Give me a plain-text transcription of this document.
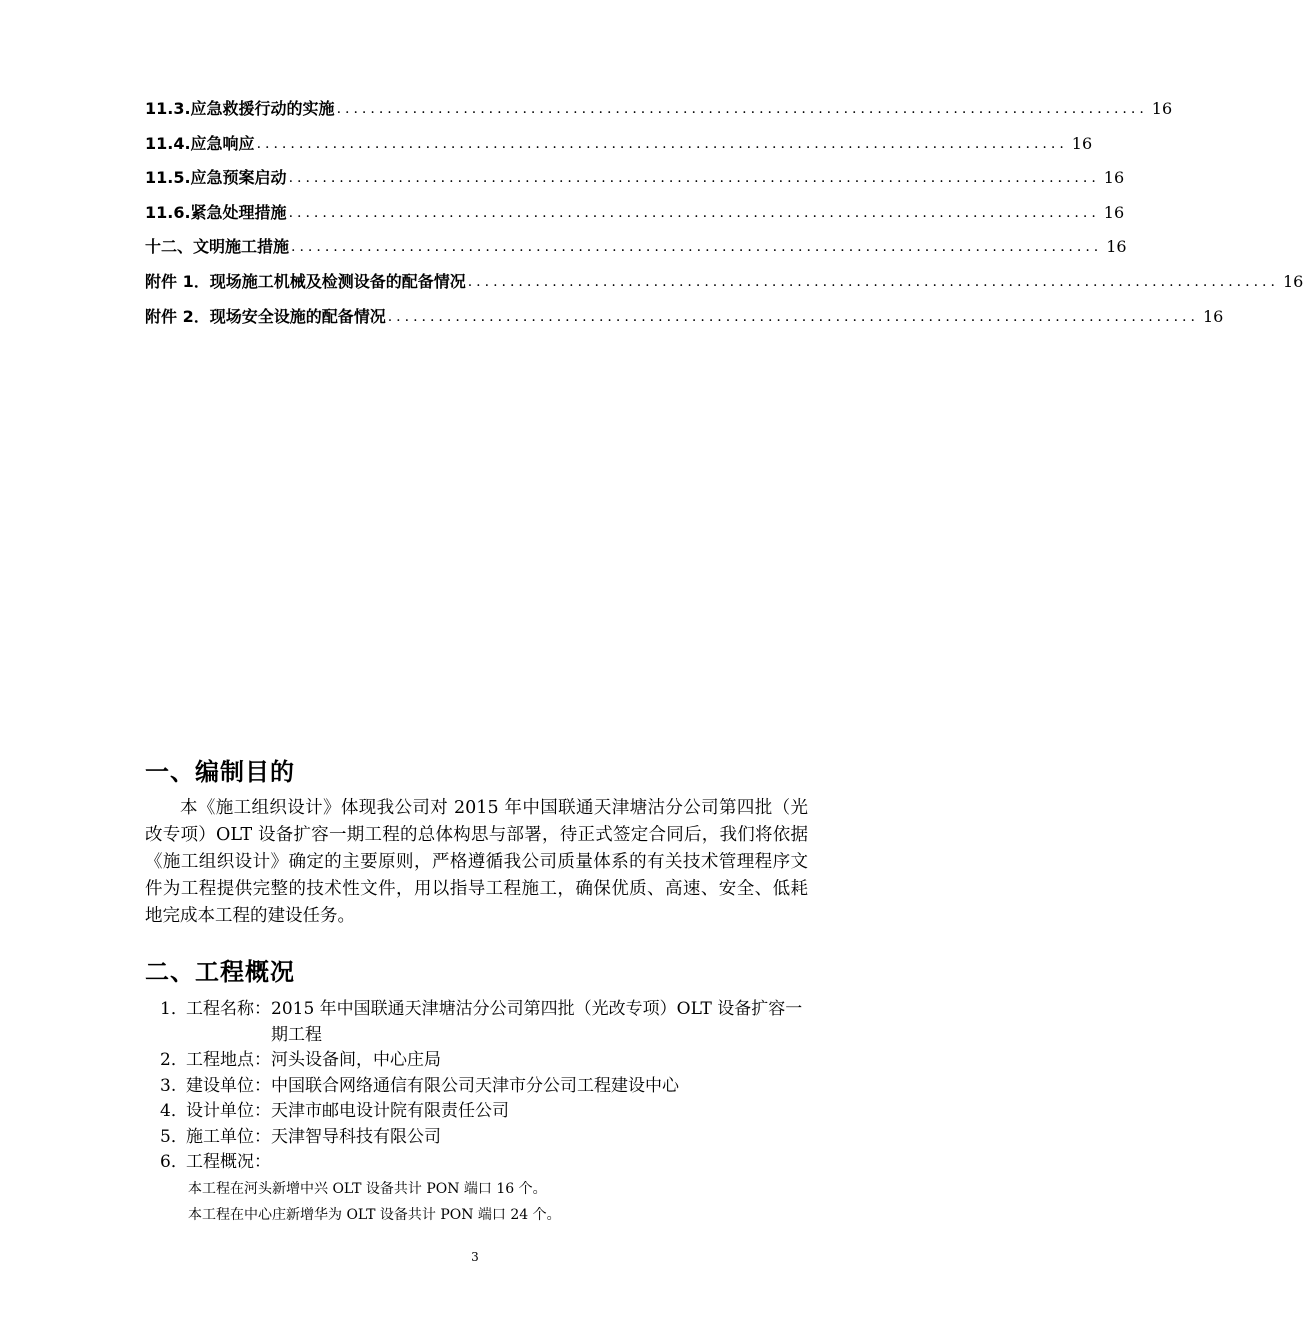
11.3.应急救援行动的实施 ................................................................................................ 16
11.4.应急响应 ................................................................................................ 16
11.5.应急预案启动 ................................................................................................ 16
11.6.紧急处理措施 ................................................................................................ 16
十二、文明施工措施 ................................................................................................ 16
附件 1．现场施工机械及检测设备的配备情况 ................................................................................................ 16
附件 2．现场安全设施的配备情况 ................................................................................................ 16
一、编制目的

本《施工组织设计》体现我公司对 2015 年中国联通天津塘沽分公司第四批（光改专项）OLT 设备扩容一期工程的总体构思与部署，待正式签定合同后，我们将依据《施工组织设计》确定的主要原则，严格遵循我公司质量体系的有关技术管理程序文件为工程提供完整的技术性文件，用以指导工程施工，确保优质、高速、安全、低耗地完成本工程的建设任务。

二、工程概况
1．
工程名称： 2015 年中国联通天津塘沽分公司第四批（光改专项）OLT 设备扩容一期工程
2．
工程地点： 河头设备间，中心庄局
3. 建设单位： 中国联合网络通信有限公司天津市分公司工程建设中心
4．
设计单位： 天津市邮电设计院有限责任公司
5．
施工单位： 天津智导科技有限公司
6．
工程概况：
本工程在河头新增中兴 OLT 设备共计 PON 端口 16 个。
本工程在中心庄新增华为 OLT 设备共计 PON 端口 24 个。
3
